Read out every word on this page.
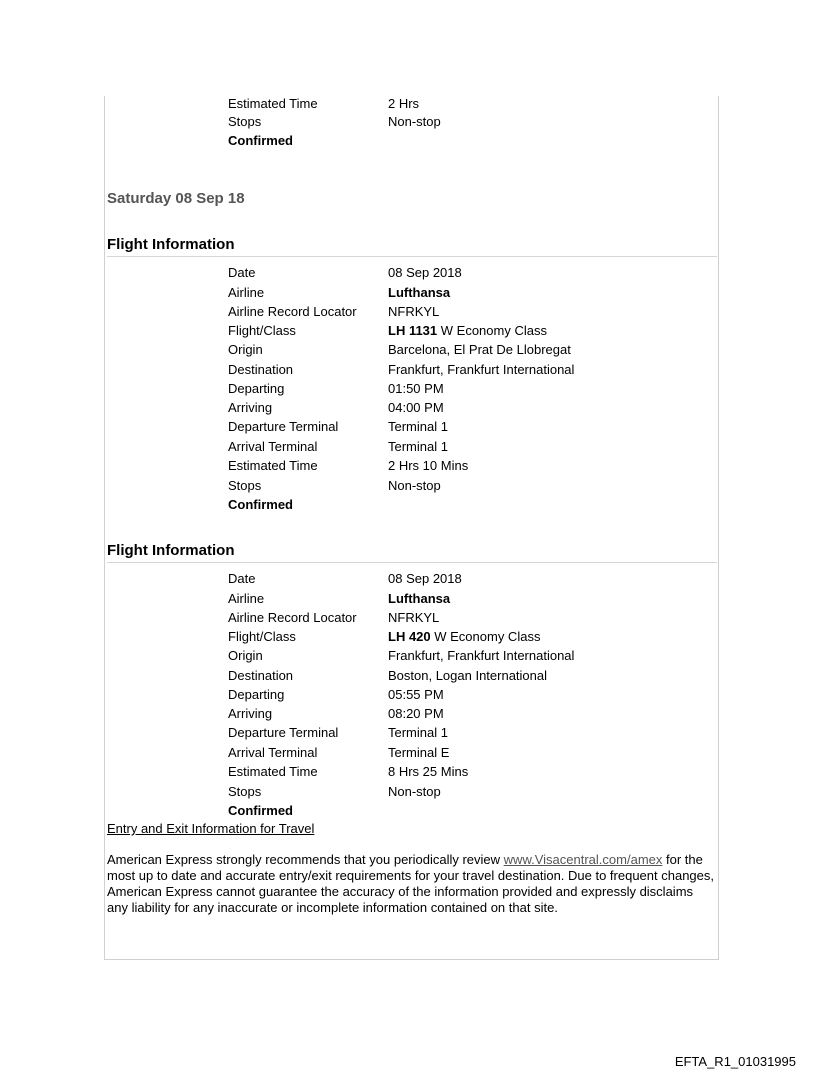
Estimated Time	2 Hrs
Stops	Non-stop
Confirmed
Saturday 08 Sep 18
Flight Information
Date	08 Sep 2018
Airline	Lufthansa
Airline Record Locator NFRKYL
Flight/Class	LH 1131 W Economy Class
Origin	Barcelona, El Prat De Llobregat
Destination	Frankfurt, Frankfurt International
Departing	01:50 PM
Arriving	04:00 PM
Departure Terminal	Terminal 1
Arrival Terminal	Terminal 1
Estimated Time	2 Hrs 10 Mins
Stops	Non-stop
Confirmed
Flight Information
Date	08 Sep 2018
Airline	Lufthansa
Airline Record Locator NFRKYL
Flight/Class	LH 420 W Economy Class
Origin	Frankfurt, Frankfurt International
Destination	Boston, Logan International
Departing	05:55 PM
Arriving	08:20 PM
Departure Terminal	Terminal 1
Arrival Terminal	Terminal E
Estimated Time	8 Hrs 25 Mins
Stops	Non-stop
Confirmed
Entry and Exit Information for Travel
American Express strongly recommends that you periodically review www.Visacentral.com/amex for the most up to date and accurate entry/exit requirements for your travel destination. Due to frequent changes, American Express cannot guarantee the accuracy of the information provided and expressly disclaims any liability for any inaccurate or incomplete information contained on that site.
EFTA_R1_01031995
